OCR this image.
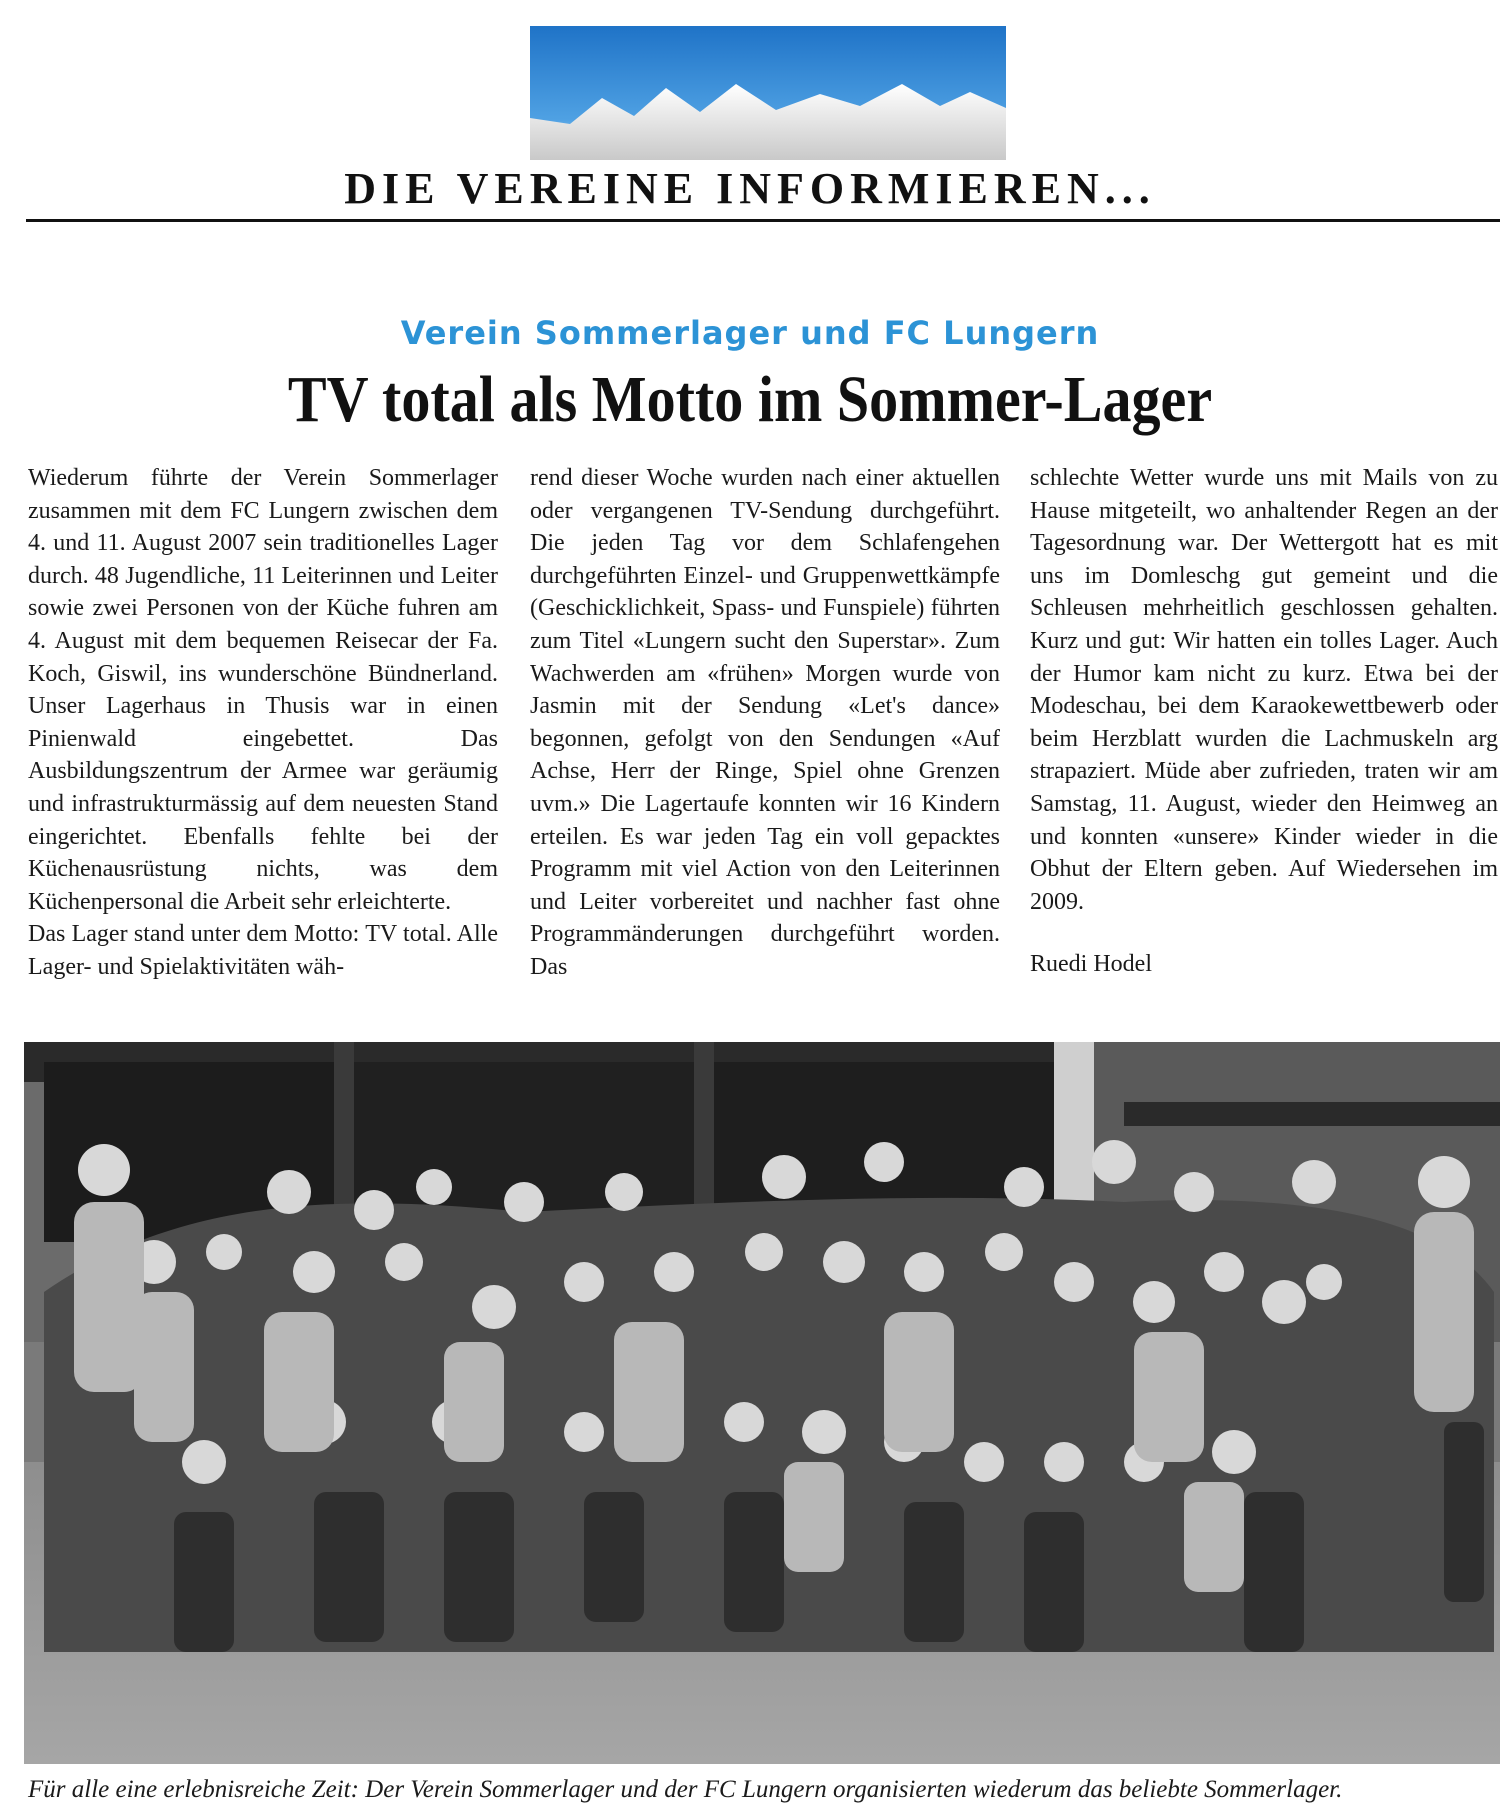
DIE VEREINE INFORMIEREN...
Verein Sommerlager und FC Lungern
TV total als Motto im Sommer-Lager

Wiederum führte der Verein Sommerlager zusammen mit dem FC Lungern zwischen dem 4. und 11. August 2007 sein traditionelles Lager durch. 48 Jugendliche, 11 Leiterinnen und Leiter sowie zwei Personen von der Küche fuhren am 4. August mit dem bequemen Reisecar der Fa. Koch, Giswil, ins wunderschöne Bündnerland. Unser Lagerhaus in Thusis war in einen Pinienwald eingebettet. Das Ausbildungszentrum der Armee war geräumig und infrastrukturmässig auf dem neuesten Stand eingerichtet. Ebenfalls fehlte bei der Küchenausrüstung nichts, was dem Küchenpersonal die Arbeit sehr erleichterte.

Das Lager stand unter dem Motto: TV total. Alle Lager- und Spielaktivitäten wäh-

rend dieser Woche wurden nach einer aktuellen oder vergangenen TV-Sendung durchgeführt. Die jeden Tag vor dem Schlafengehen durchgeführten Einzel- und Gruppenwettkämpfe (Geschicklichkeit, Spass- und Funspiele) führten zum Titel «Lungern sucht den Superstar». Zum Wachwerden am «frühen» Morgen wurde von Jasmin mit der Sendung «Let's dance» begonnen, gefolgt von den Sendungen «Auf Achse, Herr der Ringe, Spiel ohne Grenzen uvm.» Die Lagertaufe konnten wir 16 Kindern erteilen. Es war jeden Tag ein voll gepacktes Programm mit viel Action von den Leiterinnen und Leiter vorbereitet und nachher fast ohne Programmänderungen durchgeführt worden. Das

schlechte Wetter wurde uns mit Mails von zu Hause mitgeteilt, wo anhaltender Regen an der Tagesordnung war. Der Wettergott hat es mit uns im Domleschg gut gemeint und die Schleusen mehrheitlich geschlossen gehalten. Kurz und gut: Wir hatten ein tolles Lager. Auch der Humor kam nicht zu kurz. Etwa bei der Modeschau, bei dem Karaokewettbewerb oder beim Herzblatt wurden die Lachmuskeln arg strapaziert. Müde aber zufrieden, traten wir am Samstag, 11. August, wieder den Heimweg an und konnten «unsere» Kinder wieder in die Obhut der Eltern geben. Auf Wiedersehen im 2009.

Ruedi Hodel

Für alle eine erlebnisreiche Zeit: Der Verein Sommerlager und der FC Lungern organisierten wiederum das beliebte Sommerlager.
